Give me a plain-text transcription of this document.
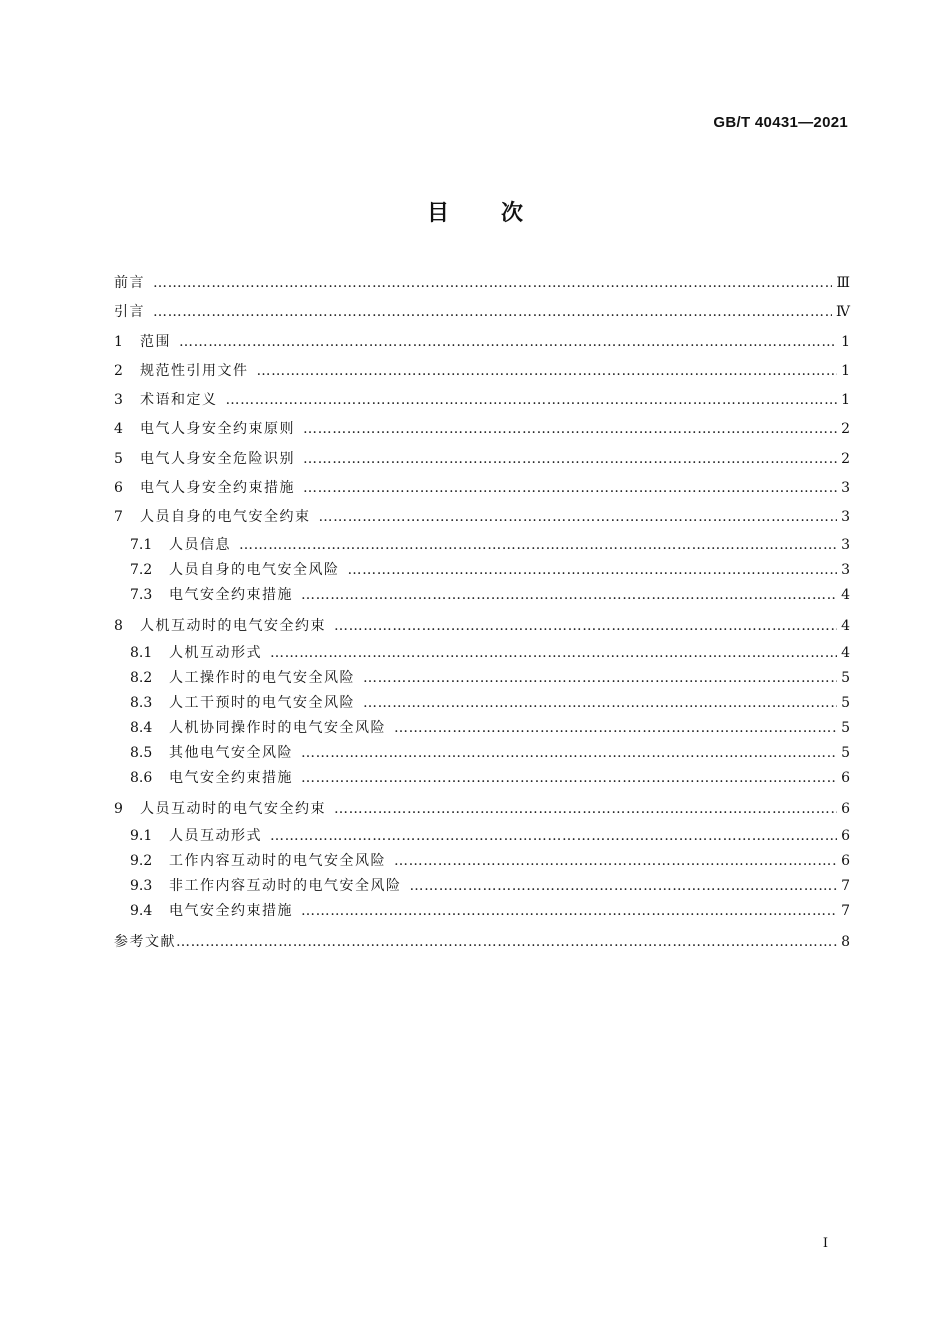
GB/T 40431—2021
目 次
前言 ……………………………………………………………………………………………………………………………………………………………………………………………………	Ⅲ
引言 ……………………………………………………………………………………………………………………………………………………………………………………………………	Ⅳ
1	范围 ……………………………………………………………………………………………………………………………………………………………………………………………………	1
2	规范性引用文件 ……………………………………………………………………………………………………………………………………………………………………………………………………	1
3	术语和定义 ……………………………………………………………………………………………………………………………………………………………………………………………………	1
4	电气人身安全约束原则 ……………………………………………………………………………………………………………………………………………………………………………………………………	2
5	电气人身安全危险识别 ……………………………………………………………………………………………………………………………………………………………………………………………………	2
6	电气人身安全约束措施 ……………………………………………………………………………………………………………………………………………………………………………………………………	3
7	人员自身的电气安全约束 ……………………………………………………………………………………………………………………………………………………………………………………………………	3
7.1	人员信息 ……………………………………………………………………………………………………………………………………………………………………………………………………	3
7.2	人员自身的电气安全风险 ……………………………………………………………………………………………………………………………………………………………………………………………………	3
7.3	电气安全约束措施 ……………………………………………………………………………………………………………………………………………………………………………………………………	4
8	人机互动时的电气安全约束 ……………………………………………………………………………………………………………………………………………………………………………………………………	4
8.1	人机互动形式 ……………………………………………………………………………………………………………………………………………………………………………………………………	4
8.2	人工操作时的电气安全风险 ……………………………………………………………………………………………………………………………………………………………………………………………………	5
8.3	人工干预时的电气安全风险 ……………………………………………………………………………………………………………………………………………………………………………………………………	5
8.4	人机协同操作时的电气安全风险 ……………………………………………………………………………………………………………………………………………………………………………………………………	5
8.5	其他电气安全风险 ……………………………………………………………………………………………………………………………………………………………………………………………………	5
8.6	电气安全约束措施 ……………………………………………………………………………………………………………………………………………………………………………………………………	6
9	人员互动时的电气安全约束 ……………………………………………………………………………………………………………………………………………………………………………………………………	6
9.1	人员互动形式 ……………………………………………………………………………………………………………………………………………………………………………………………………	6
9.2	工作内容互动时的电气安全风险 ……………………………………………………………………………………………………………………………………………………………………………………………………	6
9.3	非工作内容互动时的电气安全风险 ……………………………………………………………………………………………………………………………………………………………………………………………………	7
9.4	电气安全约束措施 ……………………………………………………………………………………………………………………………………………………………………………………………………	7
参考文献 ……………………………………………………………………………………………………………………………………………………………………………………………………	8
Ⅰ
